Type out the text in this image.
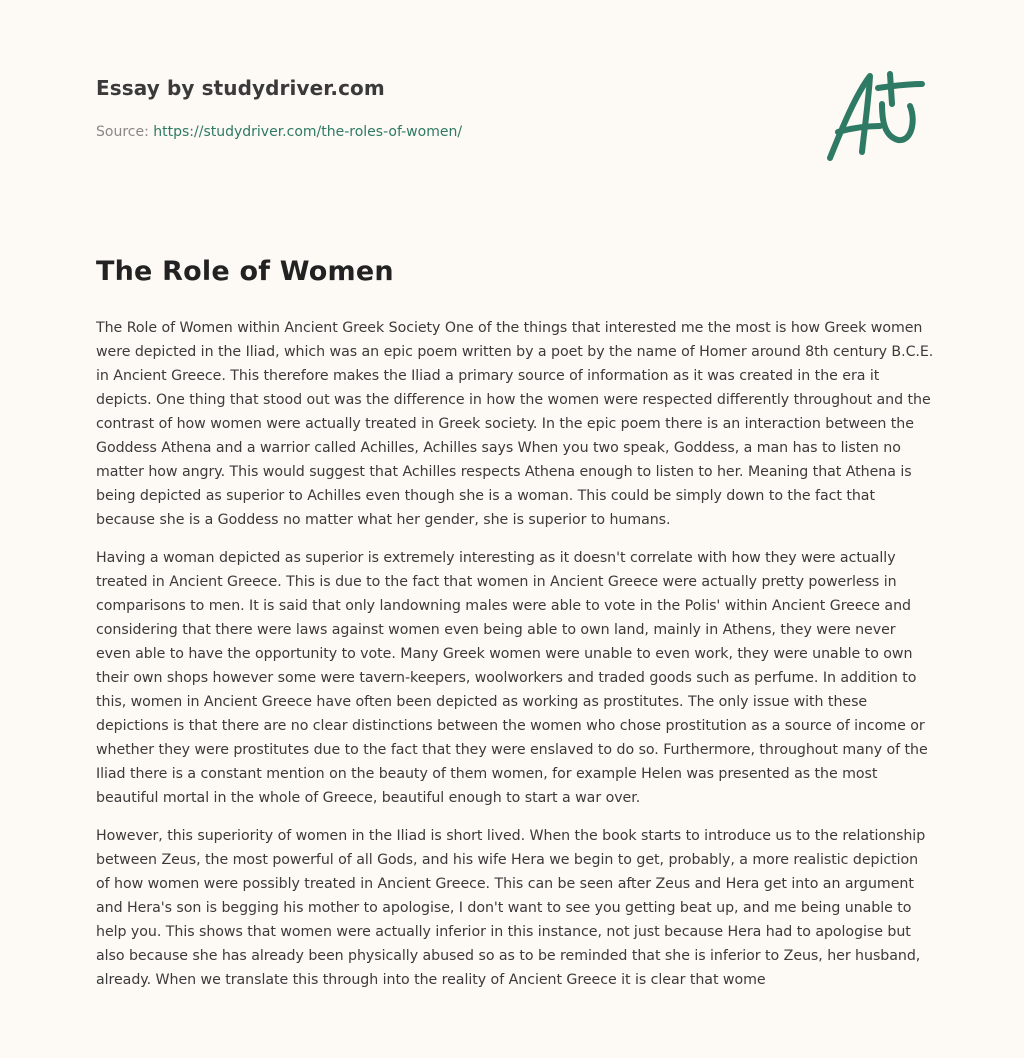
Essay by studydriver.com

Source: https://studydriver.com/the-roles-of-women/

The Role of Women

The Role of Women within Ancient Greek Society One of the things that interested me the most is how Greek women were depicted in the Iliad, which was an epic poem written by a poet by the name of Homer around 8th century B.C.E. in Ancient Greece. This therefore makes the Iliad a primary source of information as it was created in the era it depicts. One thing that stood out was the difference in how the women were respected differently throughout and the contrast of how women were actually treated in Greek society. In the epic poem there is an interaction between the Goddess Athena and a warrior called Achilles, Achilles says When you two speak, Goddess, a man has to listen no matter how angry. This would suggest that Achilles respects Athena enough to listen to her. Meaning that Athena is being depicted as superior to Achilles even though she is a woman. This could be simply down to the fact that because she is a Goddess no matter what her gender, she is superior to humans.

Having a woman depicted as superior is extremely interesting as it doesn't correlate with how they were actually treated in Ancient Greece. This is due to the fact that women in Ancient Greece were actually pretty powerless in comparisons to men. It is said that only landowning males were able to vote in the Polis' within Ancient Greece and considering that there were laws against women even being able to own land, mainly in Athens, they were never even able to have the opportunity to vote. Many Greek women were unable to even work, they were unable to own their own shops however some were tavern-keepers, woolworkers and traded goods such as perfume. In addition to this, women in Ancient Greece have often been depicted as working as prostitutes. The only issue with these depictions is that there are no clear distinctions between the women who chose prostitution as a source of income or whether they were prostitutes due to the fact that they were enslaved to do so. Furthermore, throughout many of the Iliad there is a constant mention on the beauty of them women, for example Helen was presented as the most beautiful mortal in the whole of Greece, beautiful enough to start a war over.

However, this superiority of women in the Iliad is short lived. When the book starts to introduce us to the relationship between Zeus, the most powerful of all Gods, and his wife Hera we begin to get, probably, a more realistic depiction of how women were possibly treated in Ancient Greece. This can be seen after Zeus and Hera get into an argument and Hera's son is begging his mother to apologise, I don't want to see you getting beat up, and me being unable to help you. This shows that women were actually inferior in this instance, not just because Hera had to apologise but also because she has already been physically abused so as to be reminded that she is inferior to Zeus, her husband, already. When we translate this through into the reality of Ancient Greece it is clear that wome
